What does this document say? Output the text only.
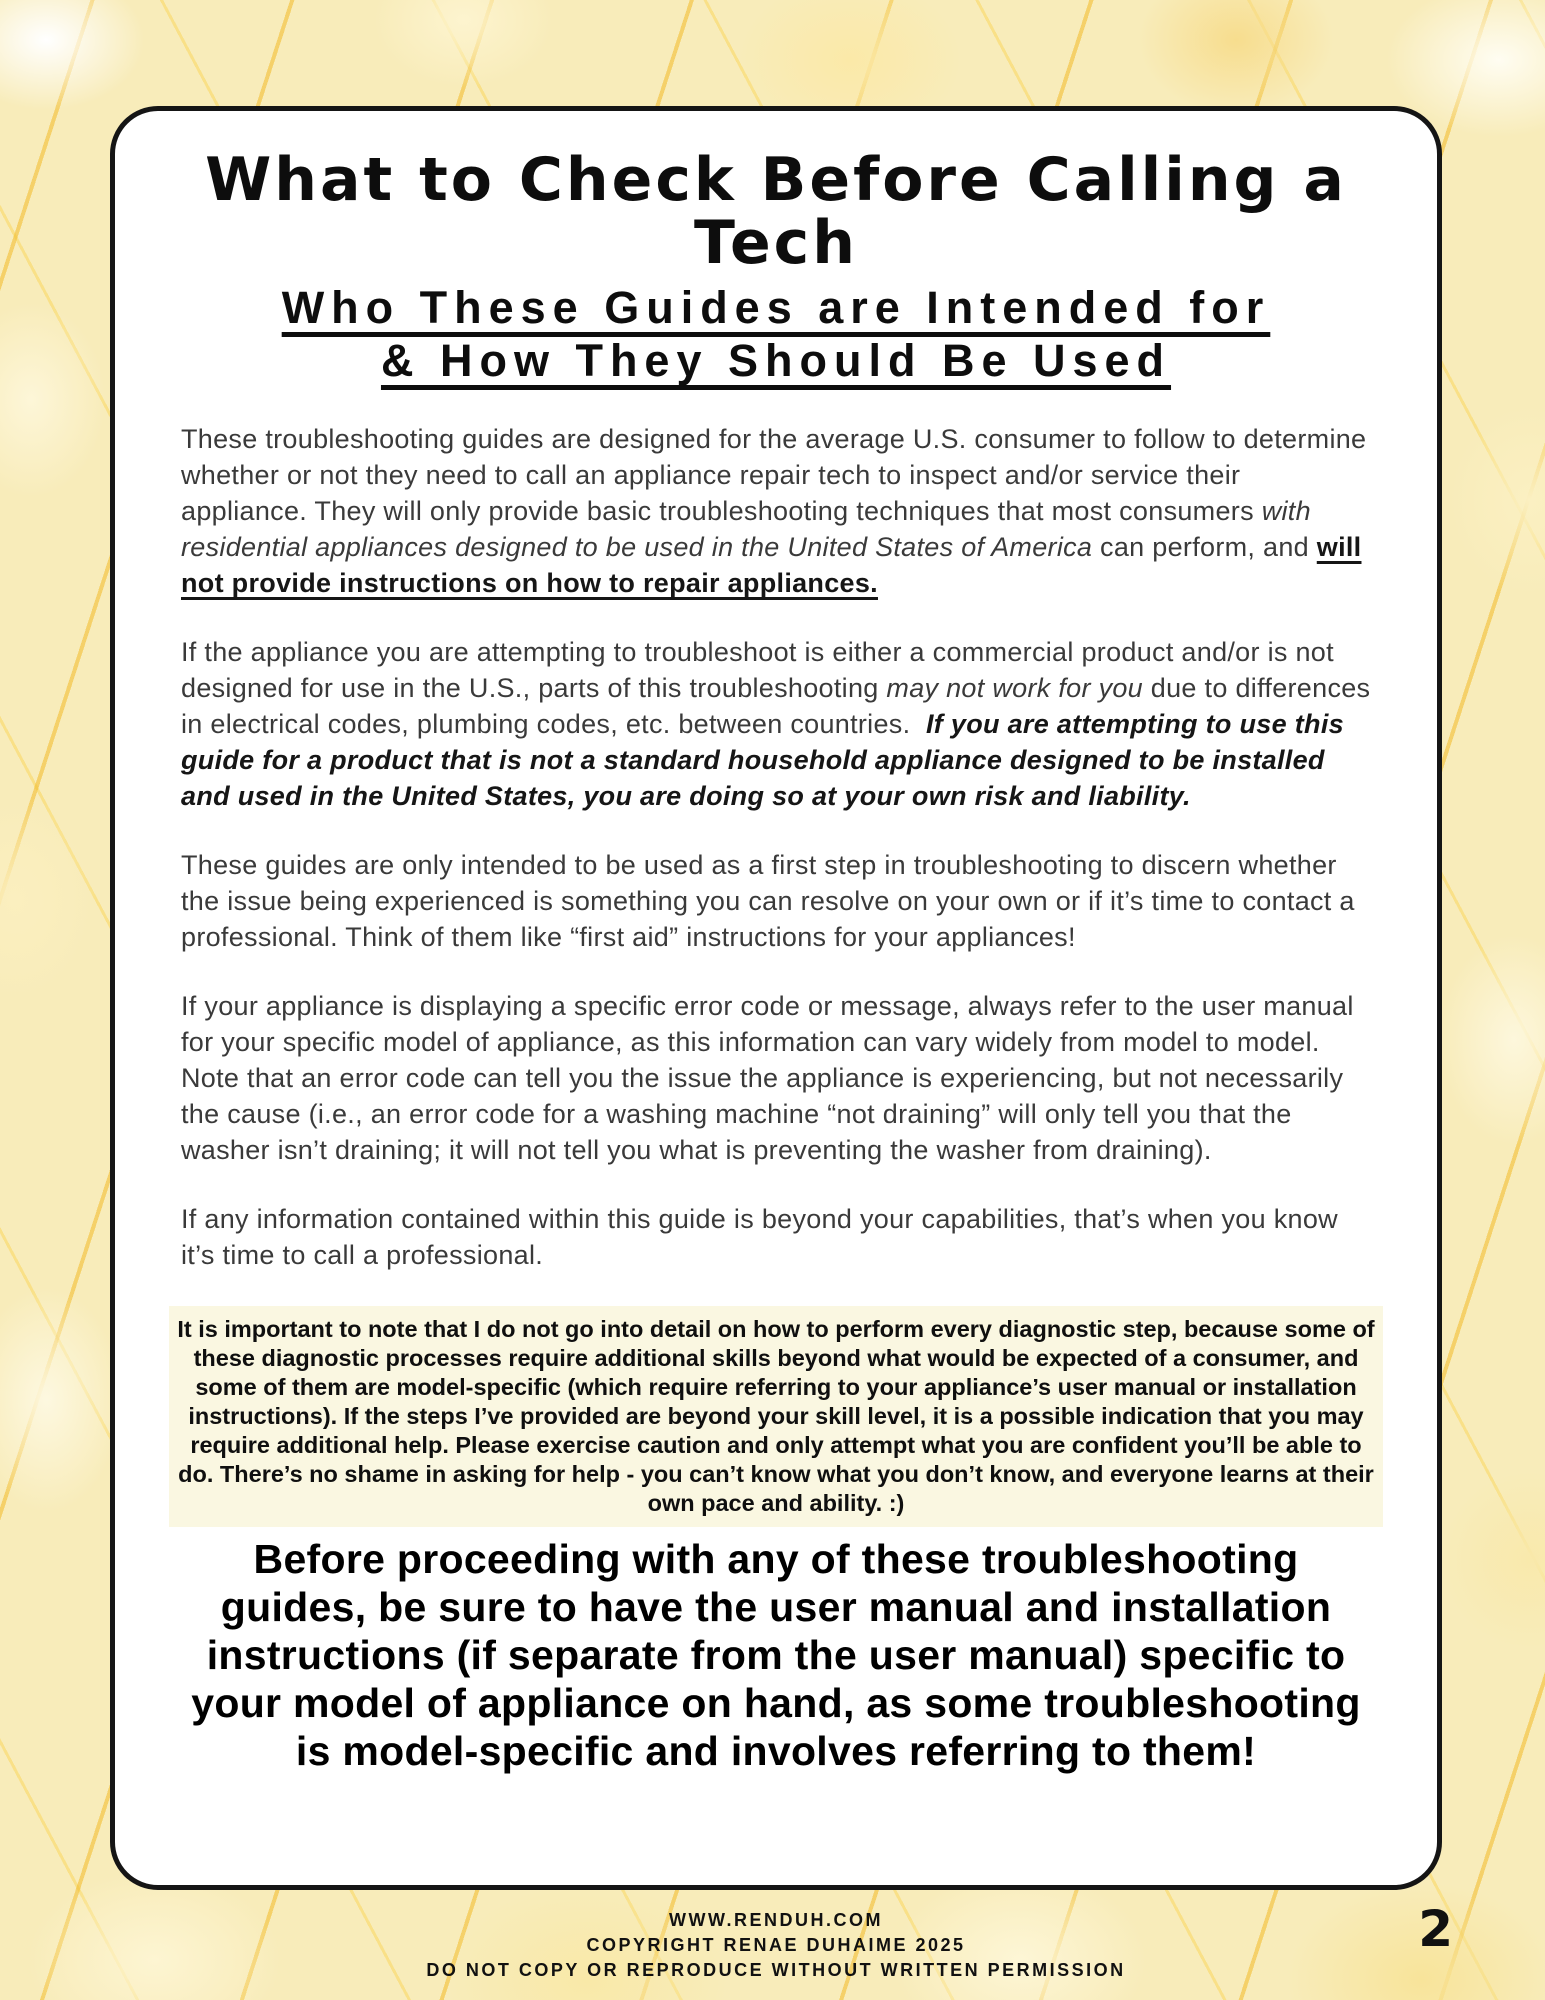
What to Check Before Calling a Tech
Who These Guides are Intended for
& How They Should Be Used

These troubleshooting guides are designed for the average U.S. consumer to follow to determine whether or not they need to call an appliance repair tech to inspect and/or service their appliance. They will only provide basic troubleshooting techniques that most consumers with residential appliances designed to be used in the United States of America can perform, and will not provide instructions on how to repair appliances.

If the appliance you are attempting to troubleshoot is either a commercial product and/or is not designed for use in the U.S., parts of this troubleshooting may not work for you due to differences in electrical codes, plumbing codes, etc. between countries.  If you are attempting to use this guide for a product that is not a standard household appliance designed to be installed and used in the United States, you are doing so at your own risk and liability.

These guides are only intended to be used as a first step in troubleshooting to discern whether the issue being experienced is something you can resolve on your own or if it’s time to contact a professional. Think of them like “first aid” instructions for your appliances!

If your appliance is displaying a specific error code or message, always refer to the user manual for your specific model of appliance, as this information can vary widely from model to model. Note that an error code can tell you the issue the appliance is experiencing, but not necessarily the cause (i.e., an error code for a washing machine “not draining” will only tell you that the washer isn’t draining; it will not tell you what is preventing the washer from draining).

If any information contained within this guide is beyond your capabilities, that’s when you know it’s time to call a professional.

It is important to note that I do not go into detail on how to perform every diagnostic step, because some of these diagnostic processes require additional skills beyond what would be expected of a consumer, and some of them are model-specific (which require referring to your appliance’s user manual or installation instructions). If the steps I’ve provided are beyond your skill level, it is a possible indication that you may require additional help. Please exercise caution and only attempt what you are confident you’ll be able to do. There’s no shame in asking for help - you can’t know what you don’t know, and everyone learns at their own pace and ability. :)
Before proceeding with any of these troubleshooting guides, be sure to have the user manual and installation instructions (if separate from the user manual) specific to your model of appliance on hand, as some troubleshooting is model-specific and involves referring to them!
WWW.RENDUH.COM
COPYRIGHT RENAE DUHAIME 2025
DO NOT COPY OR REPRODUCE WITHOUT WRITTEN PERMISSION
2
